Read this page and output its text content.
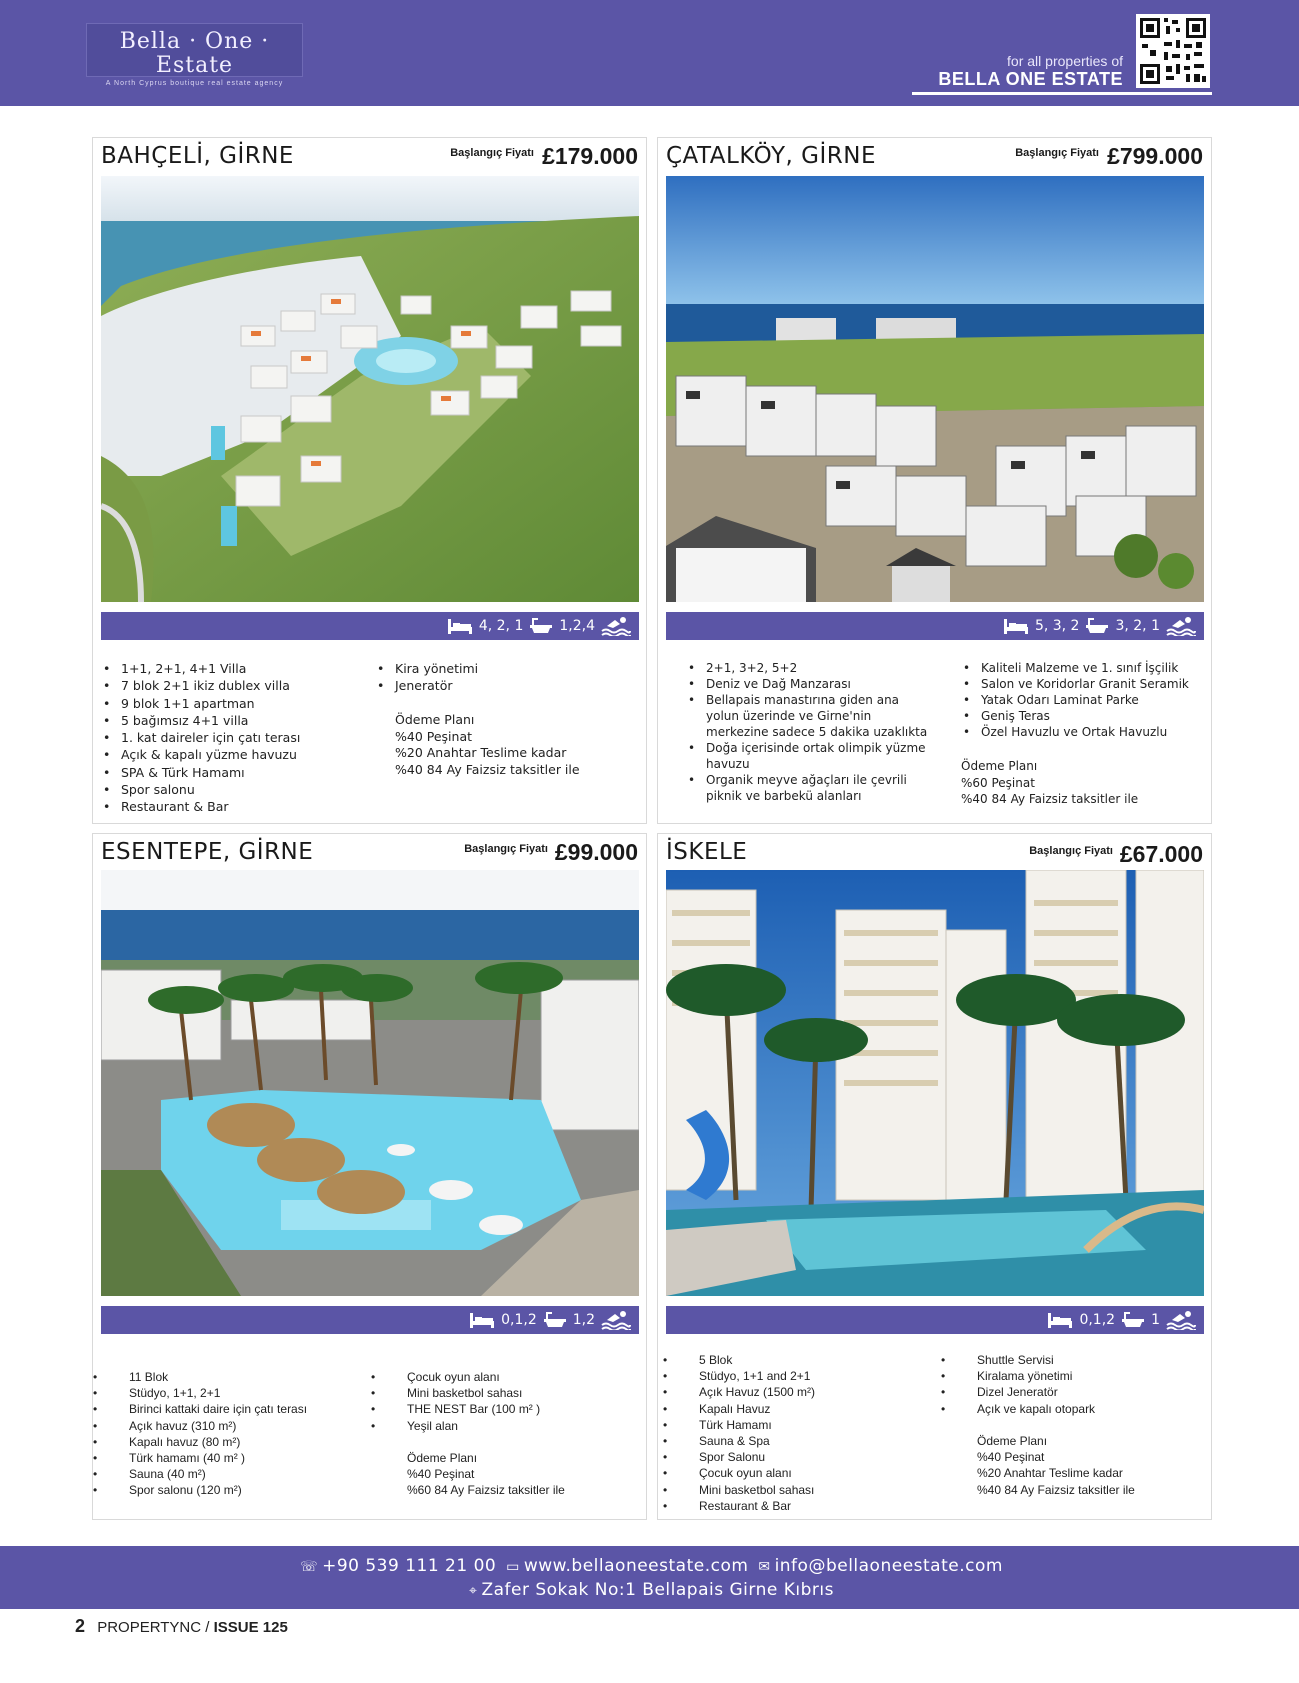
Bella · One · Estate
A North Cyprus boutique real estate agency
for all properties of
BELLA ONE ESTATE
BAHÇELİ, GİRNE	Başlangıç Fiyatı £179.000
4, 2, 1	1,2,4
• 1+1, 2+1, 4+1 Villa
• 7 blok 2+1 ikiz dublex villa
• 9 blok 1+1 apartman
• 5 bağımsız 4+1 villa
• 1. kat daireler için çatı terası
• Açık & kapalı yüzme havuzu
• SPA & Türk Hamamı
• Spor salonu
• Restaurant & Bar
• Kira yönetimi
• Jeneratör
Ödeme Planı
%40 Peşinat
%20 Anahtar Teslime kadar
%40 84 Ay Faizsiz taksitler ile
ÇATALKÖY, GİRNE	Başlangıç Fiyatı £799.000
5, 3, 2	3, 2, 1
• 2+1, 3+2, 5+2
• Deniz ve Dağ Manzarası
• Bellapais manastırına giden ana yolun üzerinde ve Girne'nin merkezine sadece 5 dakika uzaklıkta
• Doğa içerisinde ortak olimpik yüzme havuzu
• Organik meyve ağaçları ile çevrili piknik ve barbekü alanları
• Kaliteli Malzeme ve 1. sınıf İşçilik
• Salon ve Koridorlar Granit Seramik
• Yatak Odarı Laminat Parke
• Geniş Teras
• Özel Havuzlu ve Ortak Havuzlu
Ödeme Planı
%60 Peşinat
%40 84 Ay Faizsiz taksitler ile
ESENTEPE, GİRNE	Başlangıç Fiyatı £99.000
0,1,2	1,2
• 11 Blok
• Stüdyo, 1+1, 2+1
• Birinci kattaki daire için çatı terası
• Açık havuz (310 m²)
• Kapalı havuz (80 m²)
• Türk hamamı (40 m² )
• Sauna (40 m²)
• Spor salonu (120 m²)
• Çocuk oyun alanı
• Mini basketbol sahası
• THE NEST Bar (100 m² )
• Yeşil alan
Ödeme Planı
%40 Peşinat
%60 84 Ay Faizsiz taksitler ile
İSKELE	Başlangıç Fiyatı £67.000
0,1,2	1
• 5 Blok
• Stüdyo, 1+1 and 2+1
• Açık Havuz (1500 m²)
• Kapalı Havuz
• Türk Hamamı
• Sauna & Spa
• Spor Salonu
• Çocuk oyun alanı
• Mini basketbol sahası
• Restaurant & Bar
• Shuttle Servisi
• Kiralama yönetimi
• Dizel Jeneratör
• Açık ve kapalı otopark
Ödeme Planı
%40 Peşinat
%20 Anahtar Teslime kadar
%40 84 Ay Faizsiz taksitler ile
☏ +90 539 111 21 00 ▭ www.bellaoneestate.com ✉ info@bellaoneestate.com
⌖ Zafer Sokak No:1 Bellapais Girne Kıbrıs
2 PROPERTYNC / ISSUE 125
